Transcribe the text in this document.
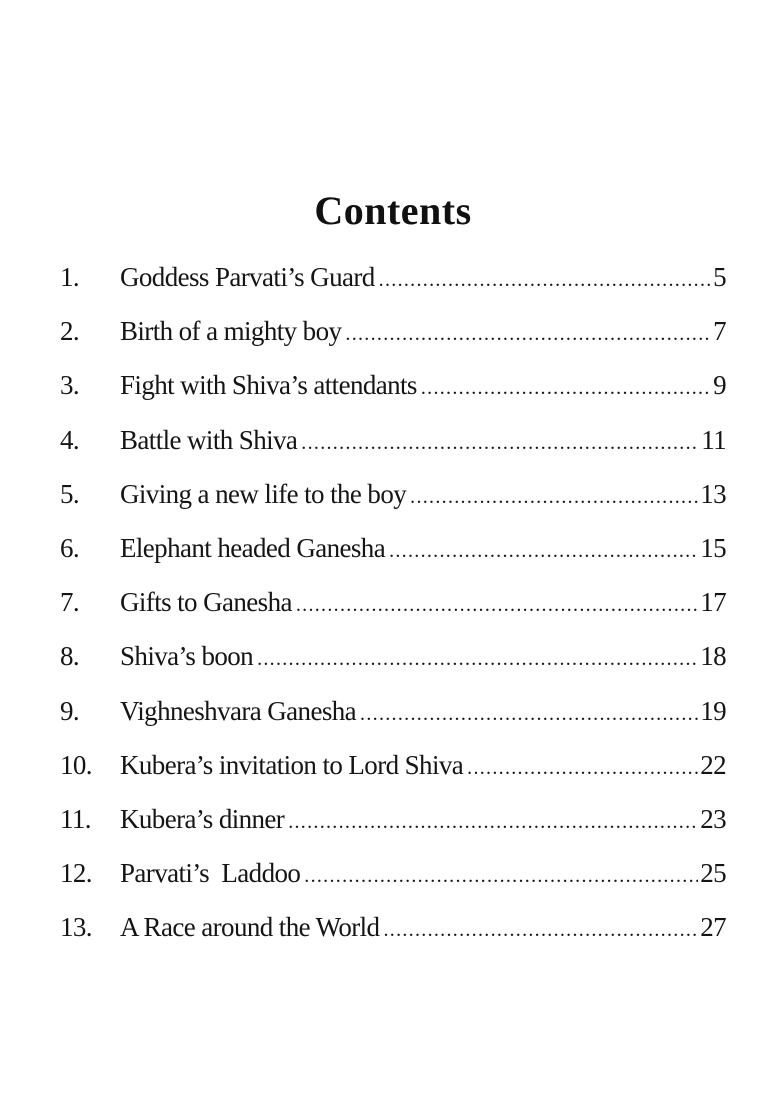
Contents
1.	Goddess Parvati’s Guard .....	5
2.	Birth of a mighty boy .....	7
3.	Fight with Shiva’s attendants .....	9
4.	Battle with Shiva .....	11
5.	Giving a new life to the boy .....	13
6.	Elephant headed Ganesha .....	15
7.	Gifts to Ganesha .....	17
8.	Shiva’s boon .....	18
9.	Vighneshvara Ganesha .....	19
10.	Kubera’s invitation to Lord Shiva .....	22
11.	Kubera’s dinner .....	23
12.	Parvati’s  Laddoo .....	25
13.	A Race around the World .....	27
